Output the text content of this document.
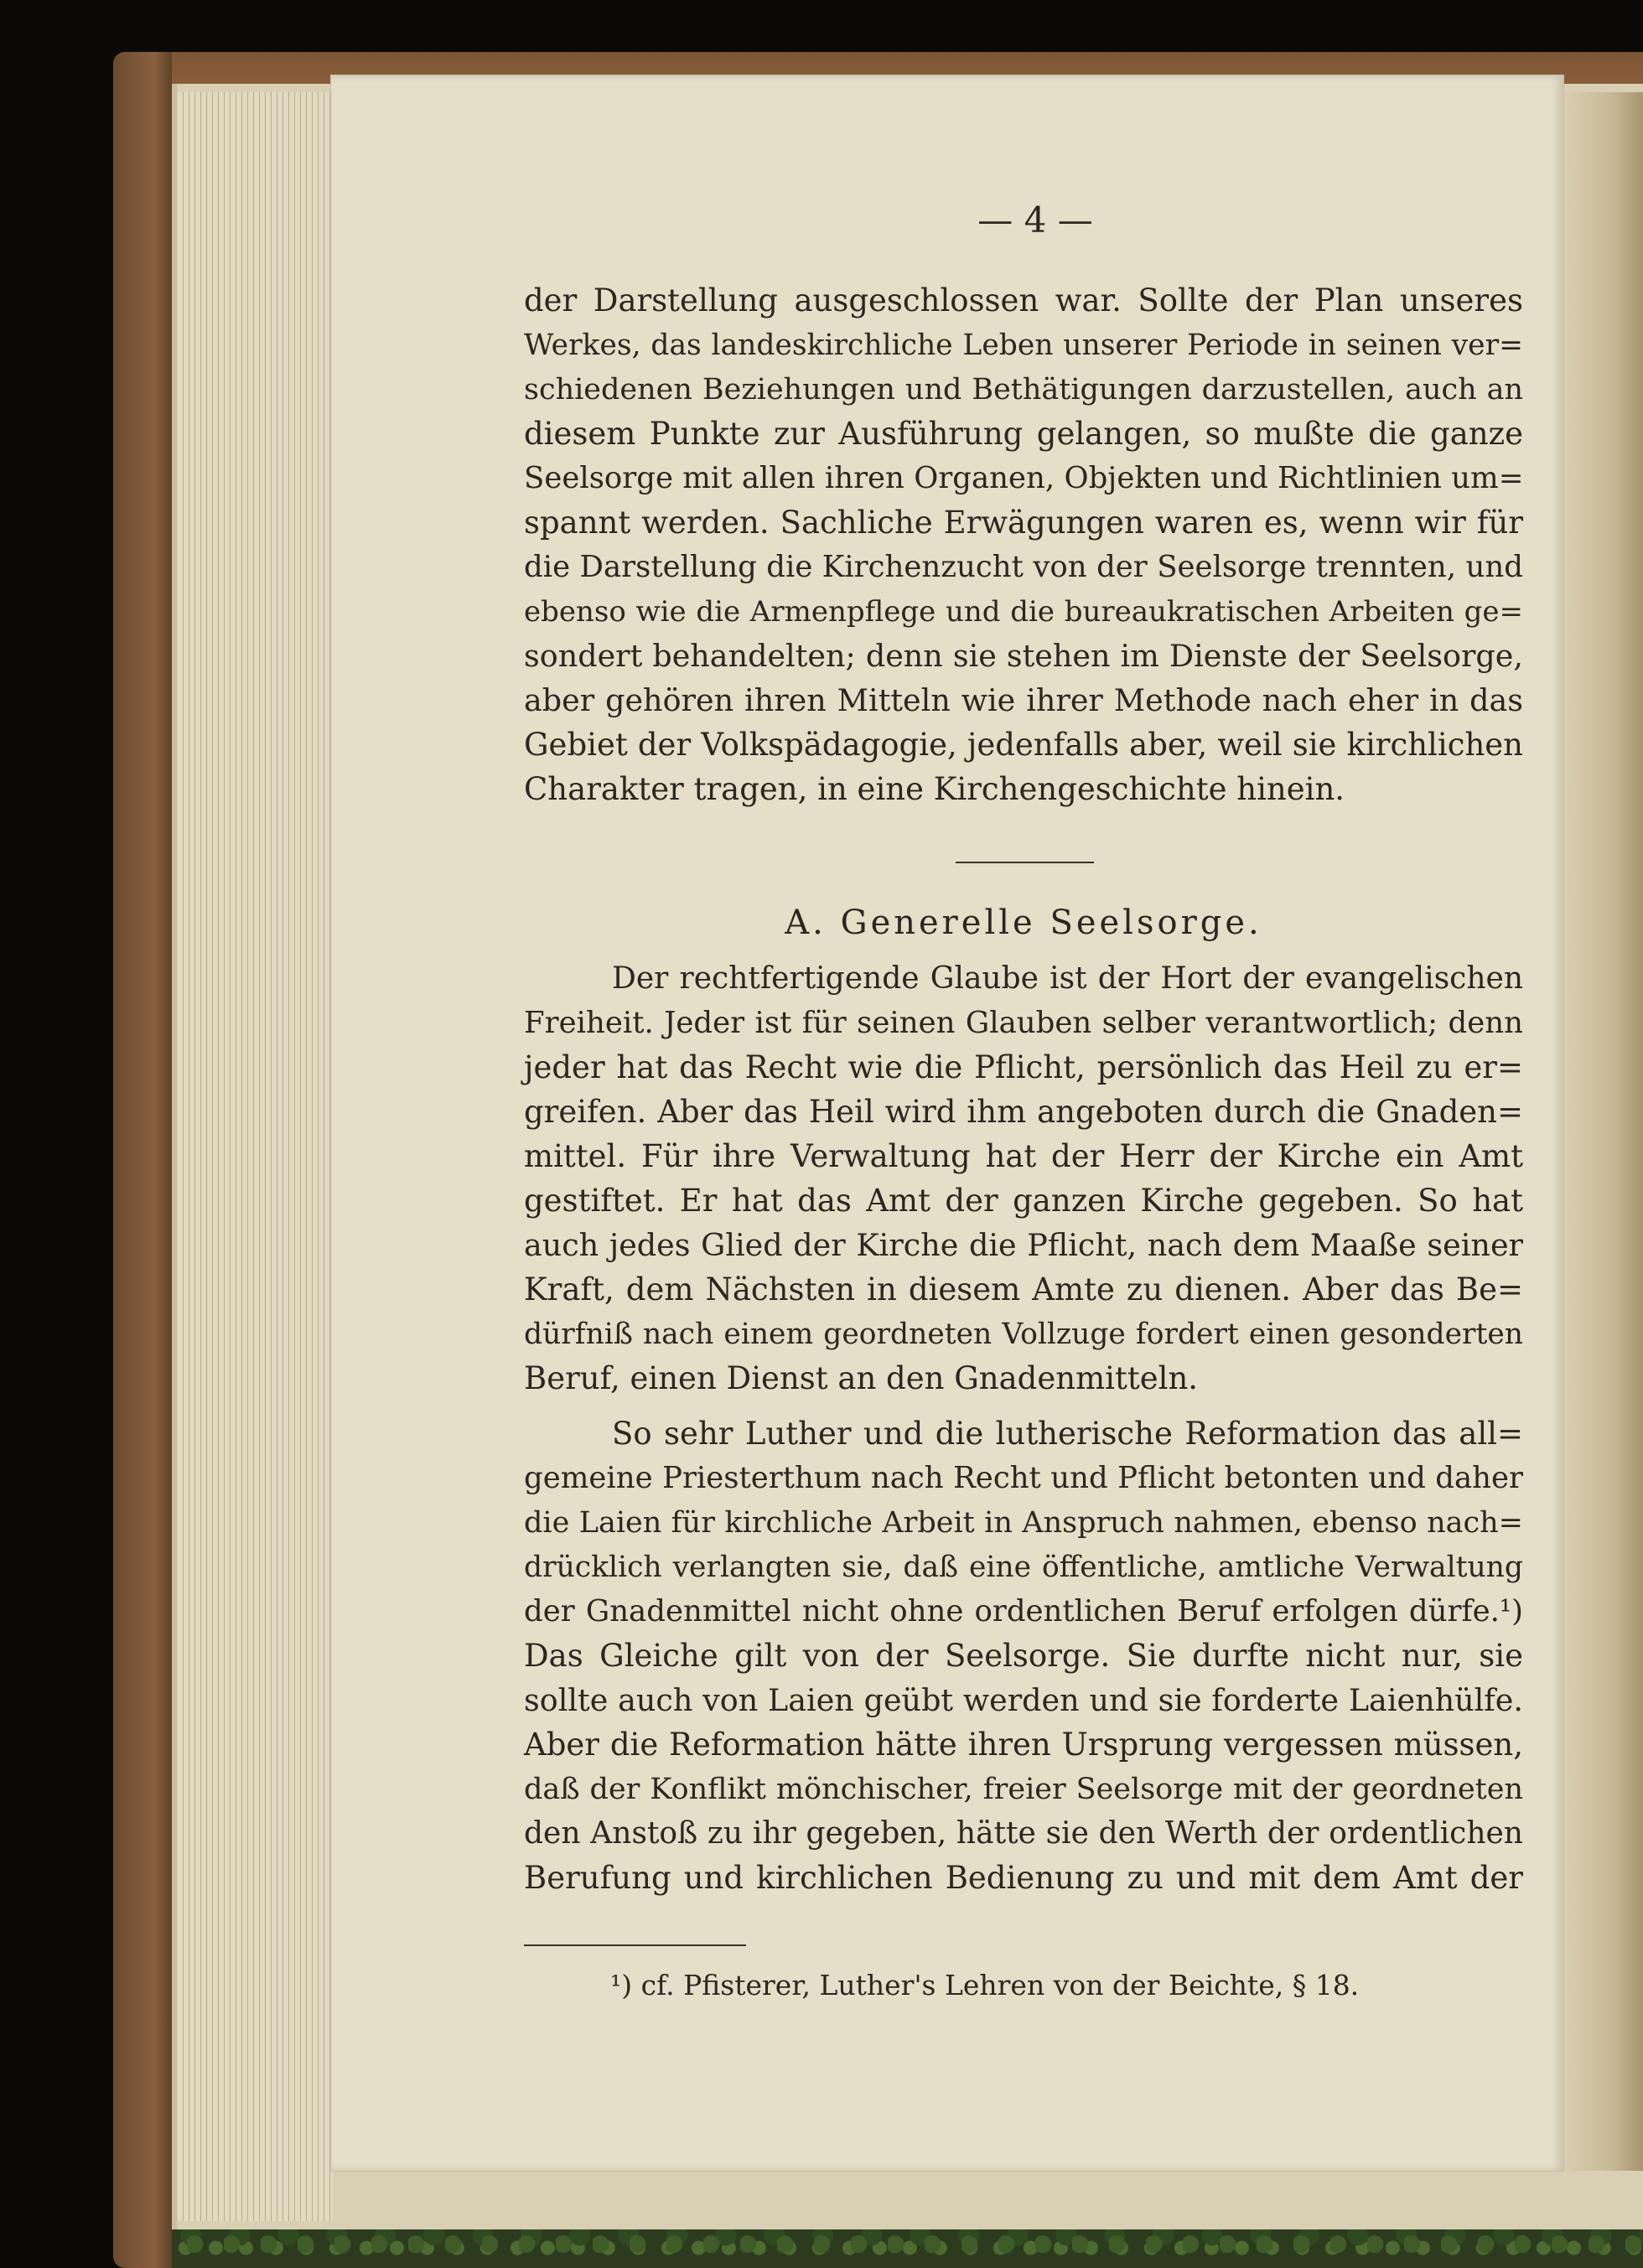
— 4 —
der Darstellung ausgeschlossen war. Sollte der Plan unseres
Werkes, das landeskirchliche Leben unserer Periode in seinen ver=
schiedenen Beziehungen und Bethätigungen darzustellen, auch an
diesem Punkte zur Ausführung gelangen, so mußte die ganze
Seelsorge mit allen ihren Organen, Objekten und Richtlinien um=
spannt werden. Sachliche Erwägungen waren es, wenn wir für
die Darstellung die Kirchenzucht von der Seelsorge trennten, und
ebenso wie die Armenpflege und die bureaukratischen Arbeiten ge=
sondert behandelten; denn sie stehen im Dienste der Seelsorge,
aber gehören ihren Mitteln wie ihrer Methode nach eher in das
Gebiet der Volkspädagogie, jedenfalls aber, weil sie kirchlichen
Charakter tragen, in eine Kirchengeschichte hinein.
A. Generelle Seelsorge.
Der rechtfertigende Glaube ist der Hort der evangelischen
Freiheit. Jeder ist für seinen Glauben selber verantwortlich; denn
jeder hat das Recht wie die Pflicht, persönlich das Heil zu er=
greifen. Aber das Heil wird ihm angeboten durch die Gnaden=
mittel. Für ihre Verwaltung hat der Herr der Kirche ein Amt
gestiftet. Er hat das Amt der ganzen Kirche gegeben. So hat
auch jedes Glied der Kirche die Pflicht, nach dem Maaße seiner
Kraft, dem Nächsten in diesem Amte zu dienen. Aber das Be=
dürfniß nach einem geordneten Vollzuge fordert einen gesonderten
Beruf, einen Dienst an den Gnadenmitteln.
So sehr Luther und die lutherische Reformation das all=
gemeine Priesterthum nach Recht und Pflicht betonten und daher
die Laien für kirchliche Arbeit in Anspruch nahmen, ebenso nach=
drücklich verlangten sie, daß eine öffentliche, amtliche Verwaltung
der Gnadenmittel nicht ohne ordentlichen Beruf erfolgen dürfe.¹)
Das Gleiche gilt von der Seelsorge. Sie durfte nicht nur, sie
sollte auch von Laien geübt werden und sie forderte Laienhülfe.
Aber die Reformation hätte ihren Ursprung vergessen müssen,
daß der Konflikt mönchischer, freier Seelsorge mit der geordneten
den Anstoß zu ihr gegeben, hätte sie den Werth der ordentlichen
Berufung und kirchlichen Bedienung zu und mit dem Amt der
¹) cf. Pfisterer, Luther's Lehren von der Beichte, § 18.
